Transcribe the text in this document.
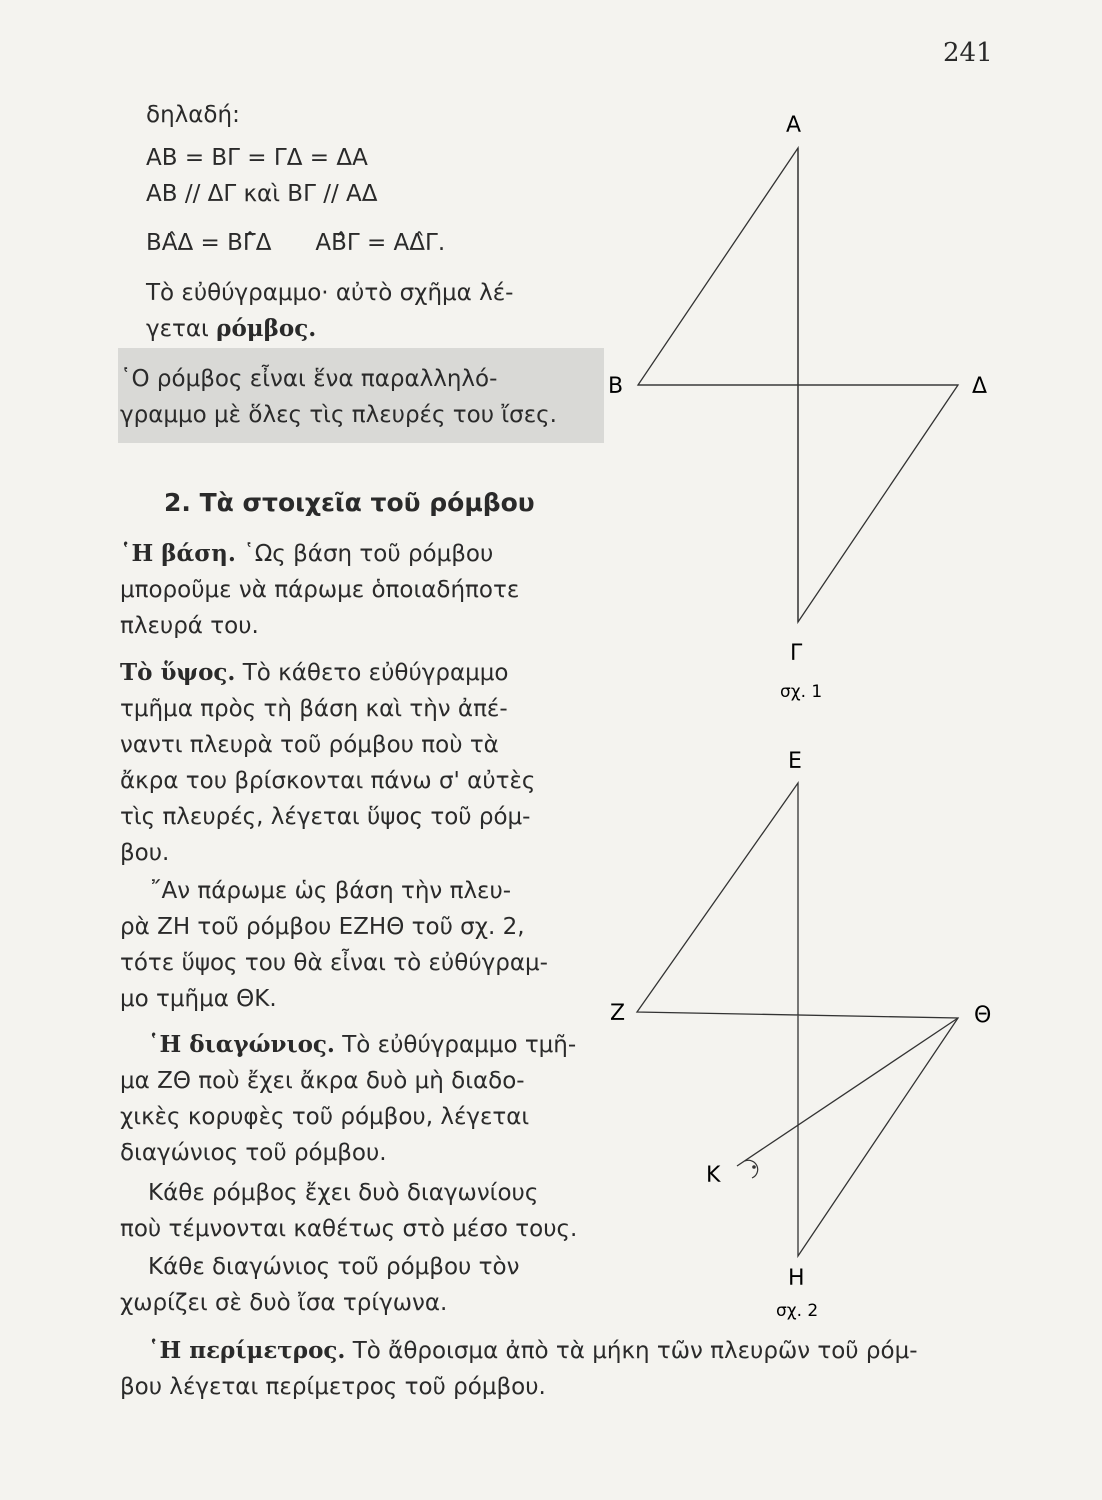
241
δηλαδή:
ΑΒ = ΒΓ = ΓΔ = ΔΑ
ΑΒ // ΔΓ καὶ ΒΓ // ΑΔ
ΒΑ̂Δ = ΒΓ̂Δ      ΑΒ̂Γ = ΑΔ̂Γ.
Τὸ εὐθύγραμμο· αὐτὸ σχῆμα λέ-
γεται ρόμβος.
῾Ο ρόμβος εἶναι ἕνα παραλληλό-
γραμμο μὲ ὅλες τὶς πλευρές του ἴσες.
2. Τὰ στοιχεῖα τοῦ ρόμβου
῾Η βάση. ῾Ως βάση τοῦ ρόμβου
μποροῦμε νὰ πάρωμε ὁποιαδήποτε
πλευρά του.
Τὸ ὕψος. Τὸ κάθετο εὐθύγραμμο
τμῆμα πρὸς τὴ βάση καὶ τὴν ἀπέ-
ναντι πλευρὰ τοῦ ρόμβου ποὺ τὰ
ἄκρα του βρίσκονται πάνω σ' αὐτὲς
τὶς πλευρές, λέγεται ὕψος τοῦ ρόμ-
βου.
῎Αν πάρωμε ὡς βάση τὴν πλευ-
ρὰ ΖΗ τοῦ ρόμβου ΕΖΗΘ τοῦ σχ. 2,
τότε ὕψος του θὰ εἶναι τὸ εὐθύγραμ-
μο τμῆμα ΘΚ.
῾Η διαγώνιος. Τὸ εὐθύγραμμο τμῆ-
μα ΖΘ ποὺ ἔχει ἄκρα δυὸ μὴ διαδο-
χικὲς κορυφὲς τοῦ ρόμβου, λέγεται
διαγώνιος τοῦ ρόμβου.
Κάθε ρόμβος ἔχει δυὸ διαγωνίους
ποὺ τέμνονται καθέτως στὸ μέσο τους.
Κάθε διαγώνιος τοῦ ρόμβου τὸν
χωρίζει σὲ δυὸ ἴσα τρίγωνα.
῾Η περίμετρος. Τὸ ἄθροισμα ἀπὸ τὰ μήκη τῶν πλευρῶν τοῦ ρόμ-
βου λέγεται περίμετρος τοῦ ρόμβου.
Α
Β	Δ
Γ
σχ. 1
Ε
Ζ	Θ
Κ
Η
σχ. 2
